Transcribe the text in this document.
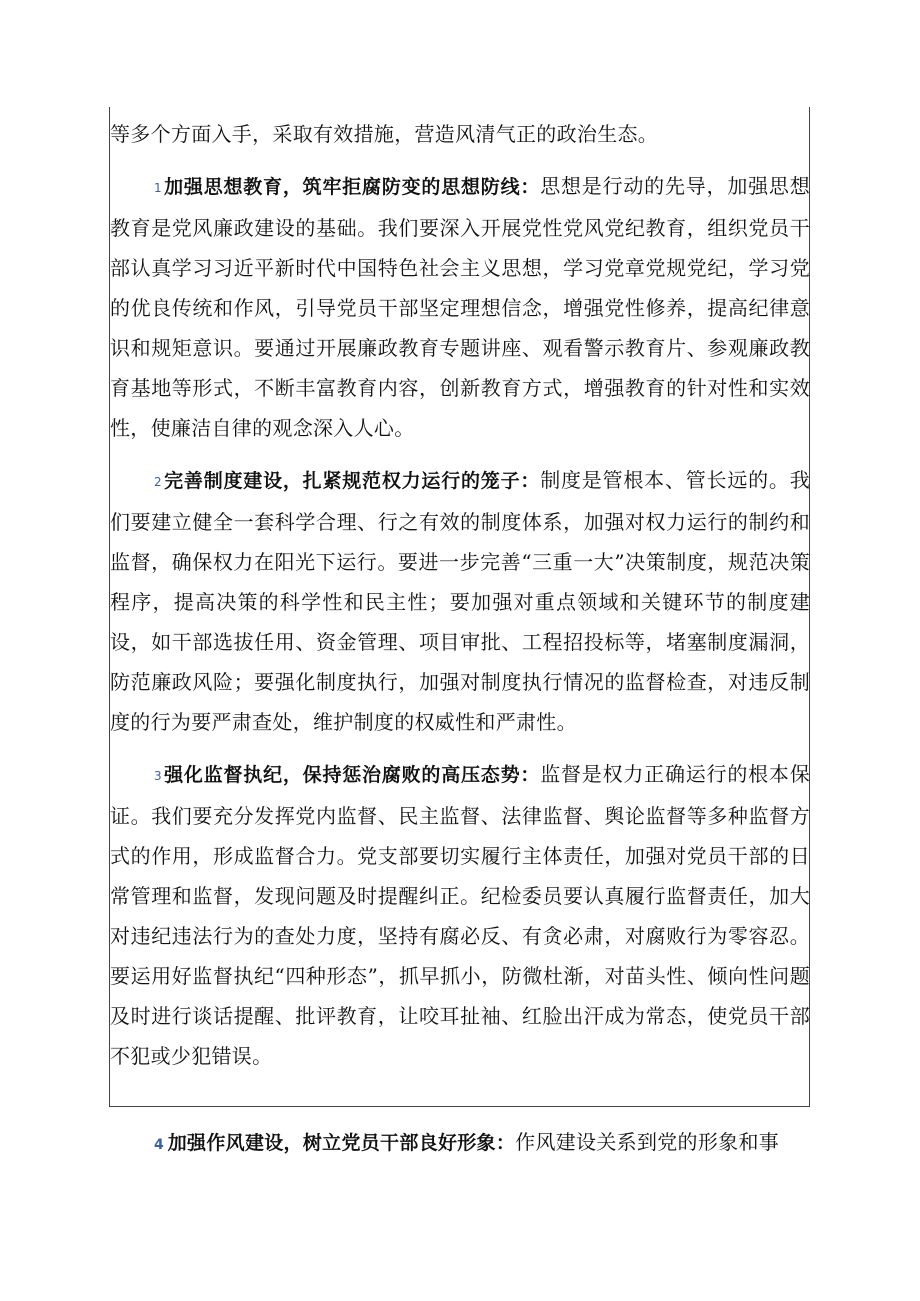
等多个方面入手，采取有效措施，营造风清气正的政治生态。

1 加强思想教育，筑牢拒腐防变的思想防线：思想是行动的先导，加强思想教育是党风廉政建设的基础。我们要深入开展党性党风党纪教育，组织党员干部认真学习习近平新时代中国特色社会主义思想，学习党章党规党纪，学习党的优良传统和作风，引导党员干部坚定理想信念，增强党性修养，提高纪律意识和规矩意识。要通过开展廉政教育专题讲座、观看警示教育片、参观廉政教育基地等形式，不断丰富教育内容，创新教育方式，增强教育的针对性和实效性，使廉洁自律的观念深入人心。

2 完善制度建设，扎紧规范权力运行的笼子：制度是管根本、管长远的。我们要建立健全一套科学合理、行之有效的制度体系，加强对权力运行的制约和监督，确保权力在阳光下运行。要进一步完善“三重一大”决策制度，规范决策程序，提高决策的科学性和民主性；要加强对重点领域和关键环节的制度建设，如干部选拔任用、资金管理、项目审批、工程招投标等，堵塞制度漏洞，防范廉政风险；要强化制度执行，加强对制度执行情况的监督检查，对违反制度的行为要严肃查处，维护制度的权威性和严肃性。

3 强化监督执纪，保持惩治腐败的高压态势：监督是权力正确运行的根本保证。我们要充分发挥党内监督、民主监督、法律监督、舆论监督等多种监督方式的作用，形成监督合力。党支部要切实履行主体责任，加强对党员干部的日常管理和监督，发现问题及时提醒纠正。纪检委员要认真履行监督责任，加大对违纪违法行为的查处力度，坚持有腐必反、有贪必肃，对腐败行为零容忍。要运用好监督执纪“四种形态”，抓早抓小，防微杜渐，对苗头性、倾向性问题及时进行谈话提醒、批评教育，让咬耳扯袖、红脸出汗成为常态，使党员干部不犯或少犯错误。

4 加强作风建设，树立党员干部良好形象：作风建设关系到党的形象和事
